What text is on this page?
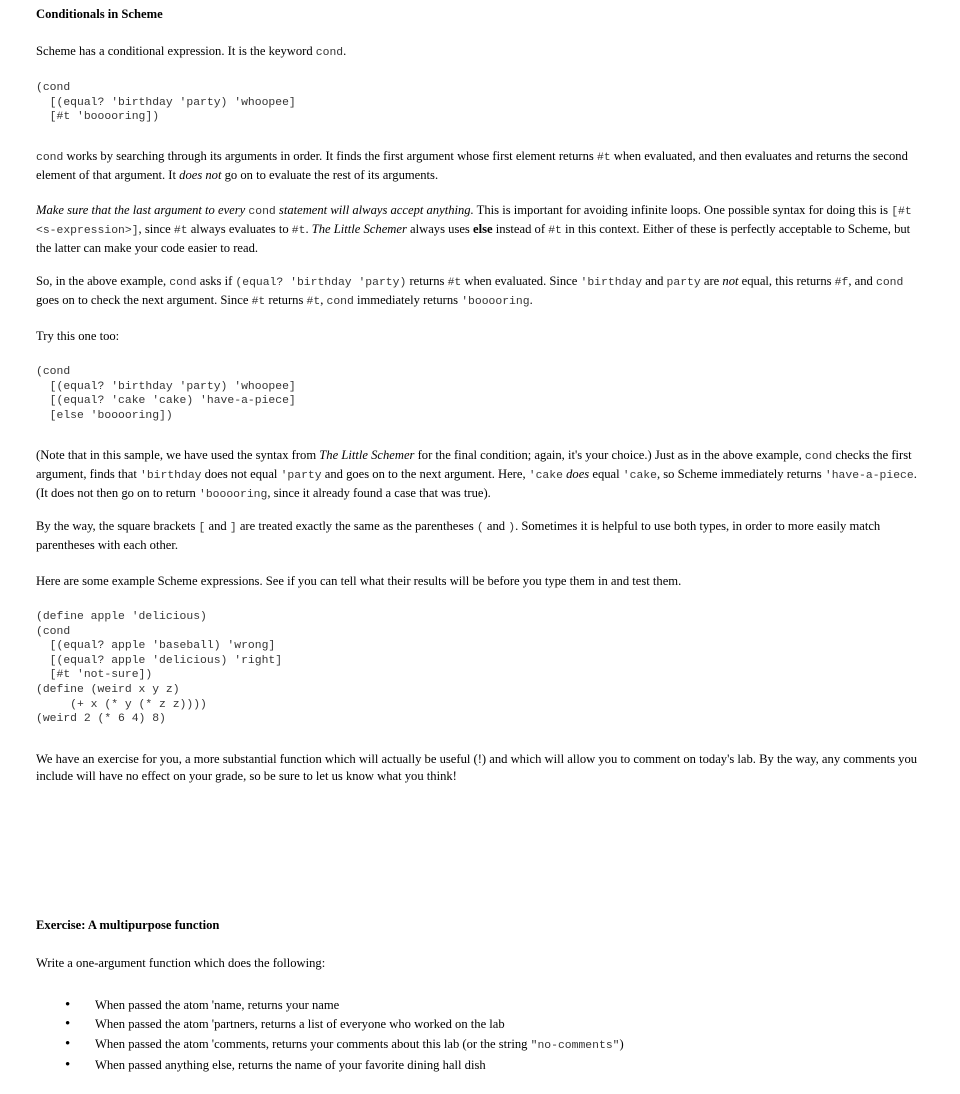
Conditionals in Scheme

Scheme has a conditional expression. It is the keyword cond.

(cond
[(equal? 'birthday 'party) 'whoopee]
[#t 'booooring])

cond works by searching through its arguments in order. It finds the first argument whose first element returns #t when evaluated, and then evaluates and returns the second element of that argument. It does not go on to evaluate the rest of its arguments.

Make sure that the last argument to every cond statement will always accept anything. This is important for avoiding infinite loops. One possible syntax for doing this is [#t <s-expression>], since #t always evaluates to #t. The Little Schemer always uses else instead of #t in this context. Either of these is perfectly acceptable to Scheme, but the latter can make your code easier to read.

So, in the above example, cond asks if (equal? 'birthday 'party) returns #t when evaluated. Since 'birthday and party are not equal, this returns #f, and cond goes on to check the next argument. Since #t returns #t, cond immediately returns 'booooring.

Try this one too:

(cond
[(equal? 'birthday 'party) 'whoopee]
[(equal? 'cake 'cake) 'have-a-piece]
[else 'booooring])

(Note that in this sample, we have used the syntax from The Little Schemer for the final condition; again, it's your choice.) Just as in the above example, cond checks the first argument, finds that 'birthday does not equal 'party and goes on to the next argument. Here, 'cake does equal 'cake, so Scheme immediately returns 'have-a-piece. (It does not then go on to return 'booooring, since it already found a case that was true).

By the way, the square brackets [ and ] are treated exactly the same as the parentheses ( and ). Sometimes it is helpful to use both types, in order to more easily match parentheses with each other.

Here are some example Scheme expressions. See if you can tell what their results will be before you type them in and test them.

(define apple 'delicious)
(cond
[(equal? apple 'baseball) 'wrong]
[(equal? apple 'delicious) 'right]
[#t 'not-sure])
(define (weird x y z)
(+ x (* y (* z z))))
(weird 2 (* 6 4) 8)

We have an exercise for you, a more substantial function which will actually be useful (!) and which will allow you to comment on today's lab. By the way, any comments you include will have no effect on your grade, so be sure to let us know what you think!

Exercise: A multipurpose function

Write a one-argument function which does the following:

• When passed the atom 'name, returns your name
• When passed the atom 'partners, returns a list of everyone who worked on the lab
• When passed the atom 'comments, returns your comments about this lab (or the string "no-comments")
• When passed anything else, returns the name of your favorite dining hall dish
